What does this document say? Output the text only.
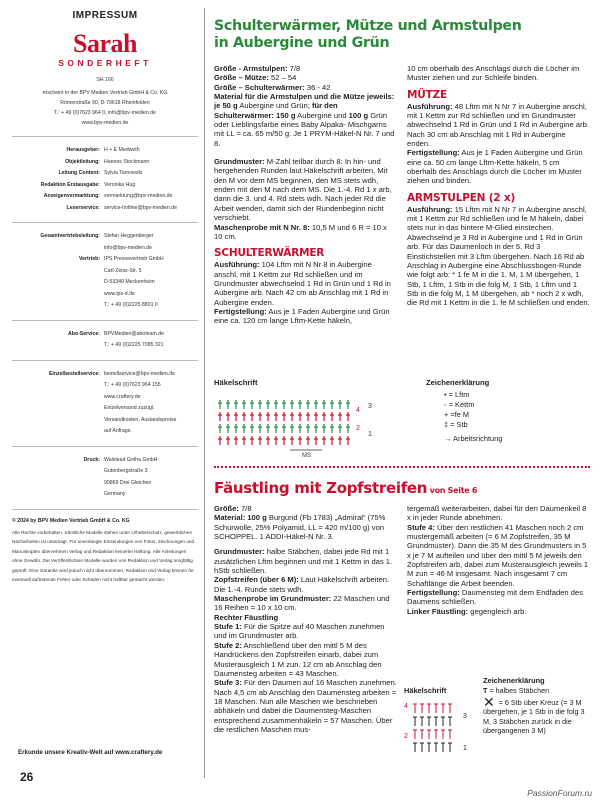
IMPRESSUM
Sarah
SONDERHEFT
SH 166
erscheint in der BPV Medien Vertrieb GmbH & Co. KG
Römerstraße 90, D-79618 Rheinfelden
T.: + 49 (0)7623 964 0, info@bpv-medien.de
www.bpv-medien.de
Herausgeber: H + E Medweth
Objektleitung: Hannes Stockmann
Leitung Content: Sylvia Tarnowski
Redaktion Erstausgabe: Veronika Hug
Anzeigenvermarktung: vermarktung@bpv-medien.de
Leserservice: service-hotline@bpv-medien.de
Gesamtvertriebsleitung: Stefan Heggenberger
info@bpv-medien.de
Vertrieb: IPS Pressevertrieb GmbH
Carl-Zeiss-Str. 5
D-53340 Meckenheim
www.ips-d.de
T.: + 49 (0)2225 8801 0
Abo-Service: BPVMedien@aboteam.de
T.: + 49 (0)2225 7085 321
Einzelbestellservice: bestellservice@bpv-medien.de
T.: + 49 (0)7623 964 155
www.craftery.de
Einzelversand zuzügl.
Versandkosten, Auslandspreise
auf Anfrage.
Druck: Walstead Gotha GmbH
Gutenbergstraße 3
99869 Drei Gleichen
Germany
© 2024 by BPV Medien Vertrieb GmbH & Co. KG
Alle Rechte vorbehalten. Sämtliche Modelle stehen unter Urheberschutz, gewerbliches Nacharbeiten ist untersagt. Für unverlangte Einsendungen von Fotos, Zeichnungen und Manuskripten übernehmen Verlag und Redaktion keinerlei Haftung. Alle Anleitungen ohne Gewähr. Die Veröffentlichten Modelle wurden von Redaktion und Verlag sorgfältig geprüft. Eine Garantie wird jedoch nicht übernommen. Redaktion und Verlag können für eventuell auftretende Fehler oder Schäden nicht haftbar gemacht werden.
Erkunde unsere Kreativ-Welt auf www.craftery.de
26
Schulterwärmer, Mütze und Armstulpen
in Aubergine und Grün

Größe - Armstulpen: 7/8

Größe – Mütze: 52 – 54

Größe – Schulterwärmer: 36 - 42

Material für die Armstulpen und die Mütze jeweils: je 50 g Aubergine und Grün; für den Schulterwärmer: 150 g Aubergine und 100 g Grün oder Lieblingsfarbe eines Baby Alpaka- Mischgarns mit LL = ca. 65 m/50 g. Je 1 PRYM-Häkel-N Nr. 7 und 8.

Grundmuster: M-Zahl teilbar durch 8: In hin- und hergehenden Runden laut Häkelschrift arbeiten. Mit den M vor dem MS beginnen, den MS stets wdh, enden mit den M nach dem MS. Die 1.-4. Rd 1 x arb, dann die 3. und 4. Rd stets wdh. Nach jeder Rd die Arbeit wenden, damit sich der Rundenbeginn nicht verschiebt.

Maschenprobe mit N Nr. 8: 10,5 M und 6 R = 10 x 10 cm.

SCHULTERWÄRMER

Ausführung: 104 Lftm mit N Nr 8 in Aubergine anschl, mit 1 Kettm zur Rd schließen und im Grundmuster abwechselnd 1 Rd in Grün und 1 Rd in Aubergine arb. Nach 42 cm ab Anschlag mit 1 Rd in Aubergine enden.

Fertigstellung: Aus je 1 Faden Aubergine und Grün eine ca. 120 cm lange Lftm-Kette häkeln,

10 cm oberhalb des Anschlags durch die Löcher im Muster ziehen und zur Schleife binden.

MÜTZE

Ausführung: 48 Lftm mit N Nr 7 in Aubergine anschl, mit 1 Kettm zur Rd schließen und im Grundmuster abwechselnd 1 Rd in Grün und 1 Rd in Aubergine arb. Nach 30 cm ab Anschlag mit 1 Rd in Aubergine enden.

Fertigstellung: Aus je 1 Faden Aubergine und Grün eine ca. 50 cm lange Lftm-Kette häkeln, 5 cm oberhalb des Anschlags durch die Löcher im Muster ziehen und binden.

ARMSTULPEN (2 x)

Ausführung: 15 Lftm mit N Nr 7 in Aubergine anschl, mit 1 Kettm zur Rd schließen und fe M häkeln, dabei stets nur in das hintere M-Glied einstechen. Abwechselnd je 3 Rd in Aubergine und 1 Rd in Grün arb. Für das Daumenloch in der 5. Rd 3 Einstichstellen mit 3 Lftm übergehen. Nach 16 Rd ab Anschlag in Aubergine eine Abschlussbogen-Runde wie folgt arb: * 1 fe M in die 1. M, 1 M übergehen, 1 Stb, 1 Lftm, 1 Stb in die folg M, 1 Stb, 1 Lftm und 1 Stb in die folg M, 1 M übergehen, ab * noch 2 x wdh, die Rd mit 1 Kettm in die 1. fe M schließen und enden.

Häkelschrift
MS
3
4
2
1
Zeichenerklärung
• = Lftm
◦ = Kettm
+ =fe M
‡ = Stb
→ Arbeitsrichtung
Fäustling mit Zopfstreifen von Seite 6

Größe: 7/8

Material: 100 g Burgund (Fb 1783) „Admiral“ (75% Schurwolle, 25% Polyamid, LL = 420 m/100 g) von SCHOPPEL. 1 ADDI-Häkel-N Nr. 3.

Grundmuster: halbe Stäbchen, dabei jede Rd mit 1 zusätzlichen Lftm beginnen und mit 1 Kettm in das 1. hStb schließen.

Zopfstreifen (über 6 M): Laut Häkelschrift arbeiten. Die 1.-4. Runde stets wdh.

Maschenprobe im Grundmuster: 22 Maschen und 16 Reihen = 10 x 10 cm.

Rechter Fäustling

Stufe 1: Für die Spitze auf 40 Maschen zunehmen und im Grundmuster arb.

Stufe 2: Anschließend über den mittl 5 M des Handrückens den Zopfstreifen einarb, dabei zum Musterausgleich 1 M zun. 12 cm ab Anschlag den Daumensteg arbeiten = 43 Maschen.

Stufe 3: Für den Daumen auf 16 Maschen zunehmen. Nach 4,5 cm ab Anschlag den Daumensteg arbeiten = 18 Maschen. Nun alle Maschen wie beschrieben abhäkeln und dabei die Daumensteg-Maschen entsprechend zusammenhäkeln = 57 Maschen. Über die restlichen Maschen mus-

tergemäß weiterarbeiten, dabei für den Daumenkeil 8 x in jeder Runde abnehmen.

Stufe 4: Über den restlichen 41 Maschen noch 2 cm mustergemäß arbeiten (= 6 M Zopfstreifen, 35 M Grundmuster). Dann die 35 M des Grundmusters in 5 x je 7 M aufteilen und über den mittl 5 M jeweils den Zopfstreifen arb, dabei zum Musterausgleich jeweils 1 M zun = 46 M insgesamt. Nach insgesamt 7 cm Schaftlänge die Arbeit beenden.

Fertigstellung: Daumensteg mit dem Endfaden des Daumens schließen.

Linker Fäustling: gegengleich arb.

Häkelschrift
4
3
2
1
Zeichenerklärung
T = halbes Stäbchen
✕ = 6 Stb über Kreuz (= 3 M übergehen, je 1 Stb in die folg 3 M, 3 Stäbchen zurück in die übergangenen 3 M)
PassionForum.ru
